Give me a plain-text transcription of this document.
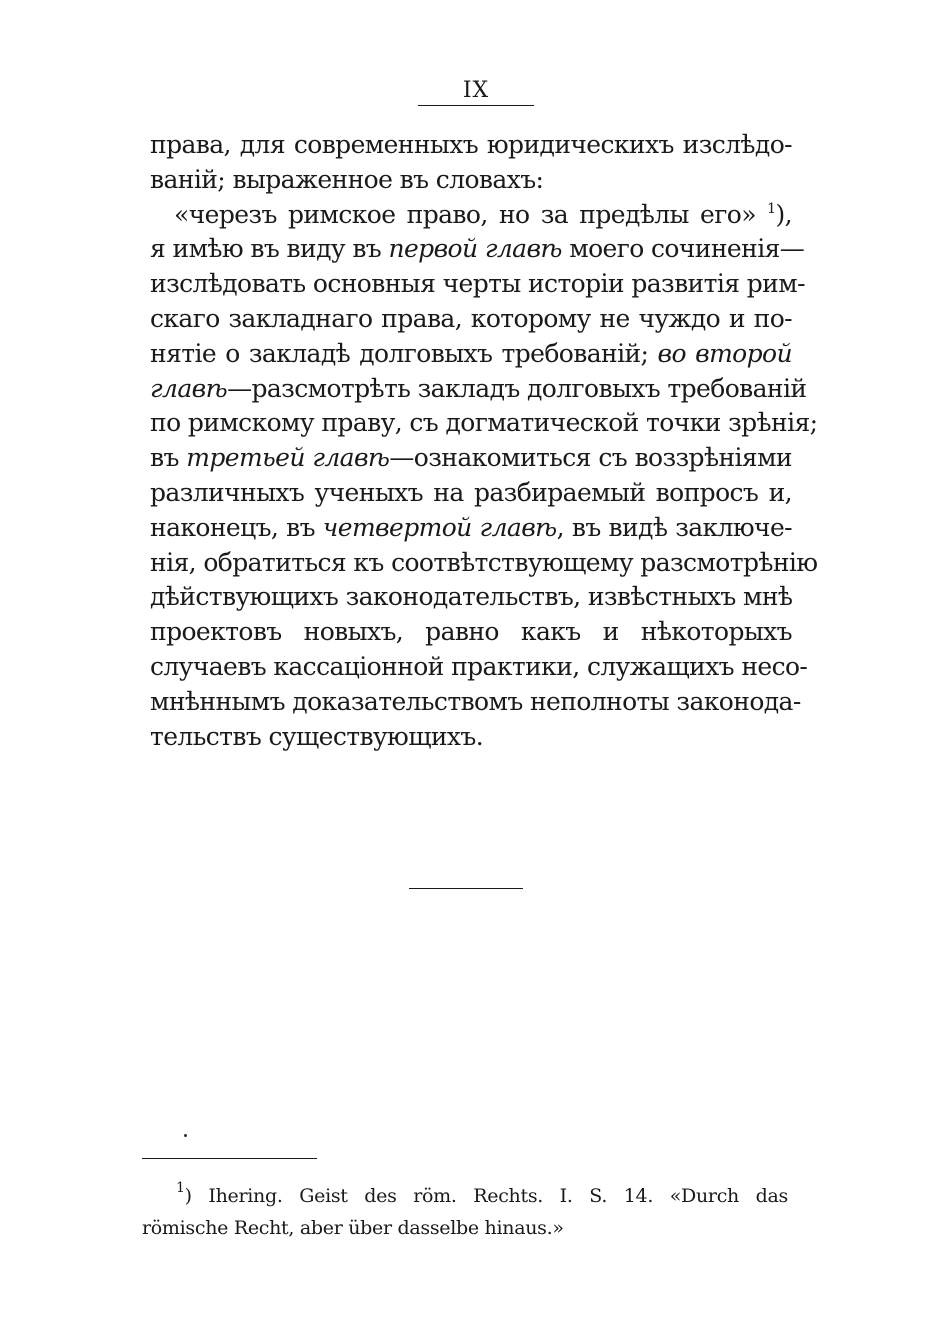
IX
права, для современныхъ юридическихъ изслѣдо-
ваній; выраженное въ словахъ:
«черезъ римское право, но за предѣлы его» $^1$),
я имѣю въ виду въ первой главѣ моего сочиненія—
изслѣдовать основныя черты исторіи развитія рим-
скаго закладнаго права, которому не чуждо и по-
нятіе о закладѣ долговыхъ требованій; во второй
главѣ—разсмотрѣть закладъ долговыхъ требованій
по римскому праву, съ догматической точки зрѣнія;
въ третьей главѣ—ознакомиться съ воззрѣніями
различныхъ ученыхъ на разбираемый вопросъ и,
наконецъ, въ четвертой главѣ, въ видѣ заключе-
нія, обратиться къ соотвѣтствующему разсмотрѣнію
дѣйствующихъ законодательствъ, извѣстныхъ мнѣ
проектовъ новыхъ, равно какъ и нѣкоторыхъ
случаевъ кассаціонной практики, служащихъ несо-
мнѣннымъ доказательствомъ неполноты законода-
тельствъ существующихъ.
$^1$) Ihering. Geist des röm. Rechts. I. S. 14. «Durch das
römische Recht, aber über dasselbe hinaus.»
